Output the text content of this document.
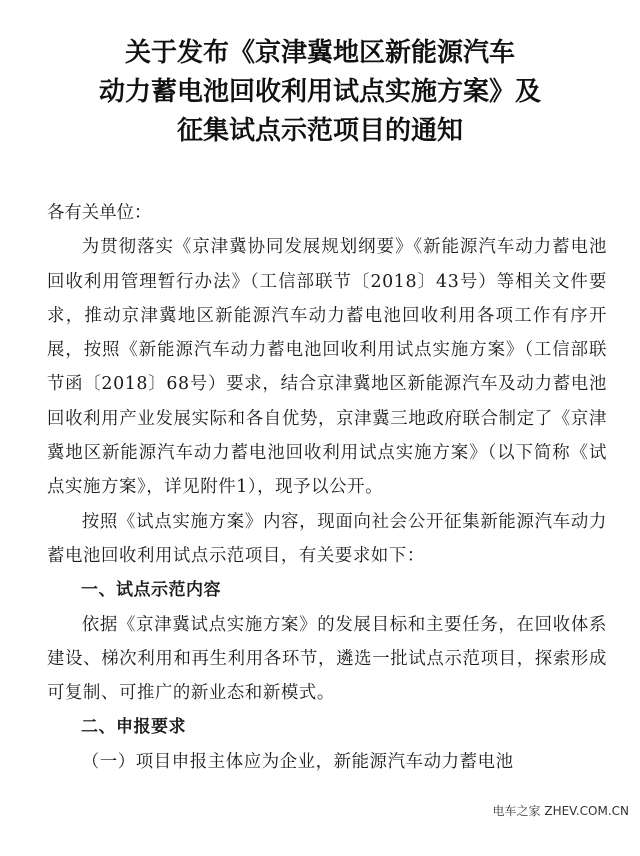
关于发布《京津冀地区新能源汽车
动力蓄电池回收利用试点实施方案》及
征集试点示范项目的通知

各有关单位：

为贯彻落实《京津冀协同发展规划纲要》《新能源汽车动力蓄电池回收利用管理暂行办法》（工信部联节〔2018〕43号）等相关文件要求，推动京津冀地区新能源汽车动力蓄电池回收利用各项工作有序开展，按照《新能源汽车动力蓄电池回收利用试点实施方案》（工信部联节函〔2018〕68号）要求，结合京津冀地区新能源汽车及动力蓄电池回收利用产业发展实际和各自优势，京津冀三地政府联合制定了《京津冀地区新能源汽车动力蓄电池回收利用试点实施方案》（以下简称《试点实施方案》，详见附件1），现予以公开。

按照《试点实施方案》内容，现面向社会公开征集新能源汽车动力蓄电池回收利用试点示范项目，有关要求如下：

一、试点示范内容

依据《京津冀试点实施方案》的发展目标和主要任务，在回收体系建设、梯次利用和再生利用各环节，遴选一批试点示范项目，探索形成可复制、可推广的新业态和新模式。

二、申报要求

（一）项目申报主体应为企业，新能源汽车动力蓄电池

电车之家 ZHEV.COM.CN
